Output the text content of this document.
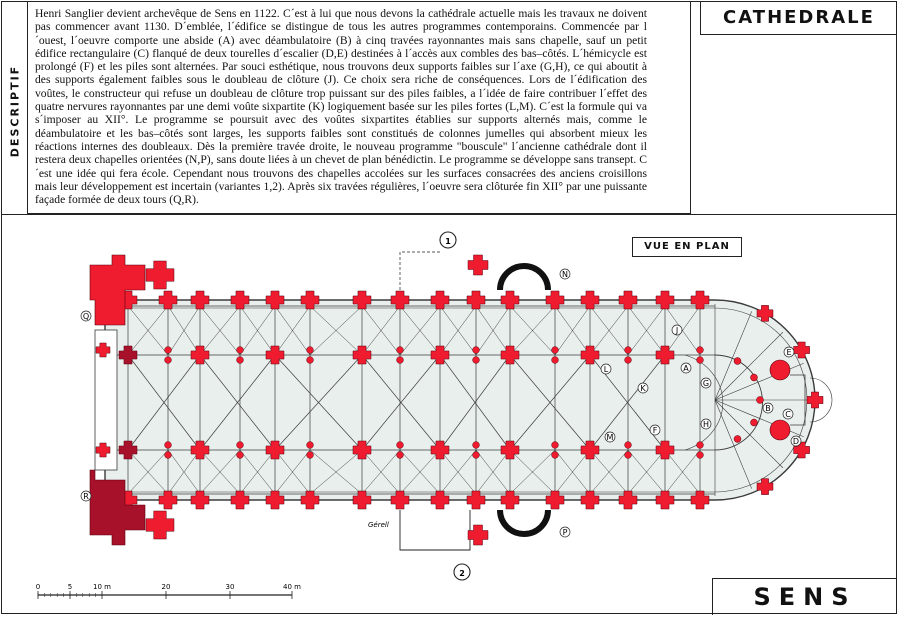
DESCRIPTIF

Henri Sanglier devient archevêque de Sens en 1122. C´est à lui que nous devons la cathédrale actuelle mais les travaux ne doivent pas commencer avant 1130. D´emblée, l´édifice se distingue de tous les autres programmes contemporains. Commencée par l´ouest, l´oeuvre comporte une abside (A) avec déambulatoire (B) à cinq travées rayonnantes mais sans chapelle, sauf un petit édifice rectangulaire (C) flanqué de deux tourelles d´escalier (D,E) destinées à l´accès aux combles des bas–côtés. L´hémicycle est prolongé (F) et les piles sont alternées. Par souci esthétique, nous trouvons deux supports faibles sur l´axe (G,H), ce qui aboutit à des supports également faibles sous le doubleau de clôture (J). Ce choix sera riche de conséquences. Lors de l´édification des voûtes, le constructeur qui refuse un doubleau de clôture trop puissant sur des piles faibles, a l´idée de faire contribuer l´effet des quatre nervures rayonnantes par une demi voûte sixpartite (K) logiquement basée sur les piles fortes (L,M). C´est la formule qui va s´imposer au XII°. Le programme se poursuit avec des voûtes sixpartites établies sur supports alternés mais, comme le déambulatoire et les bas–côtés sont larges, les supports faibles sont constitués de colonnes jumelles qui absorbent mieux les réactions internes des doubleaux. Dès la première travée droite, le nouveau programme "bouscule" l´ancienne cathédrale dont il restera deux chapelles orientées (N,P), sans doute liées à un chevet de plan bénédictin. Le programme se développe sans transept. C´est une idée qui fera école. Cependant nous trouvons des chapelles accolées sur les surfaces consacrées des anciens croisillons mais leur développement est incertain (variantes 1,2). Après six travées régulières, l´oeuvre sera clôturée fin XII° par une puissante façade formée de deux tours (Q,R).

CATHEDRALE
A
B
C
D
E
F
G
H
J
K
L
M
N
P
Q
R
1
2
Gérell
0	5	10 m	20	30	40 m
VUE EN PLAN
SENS
